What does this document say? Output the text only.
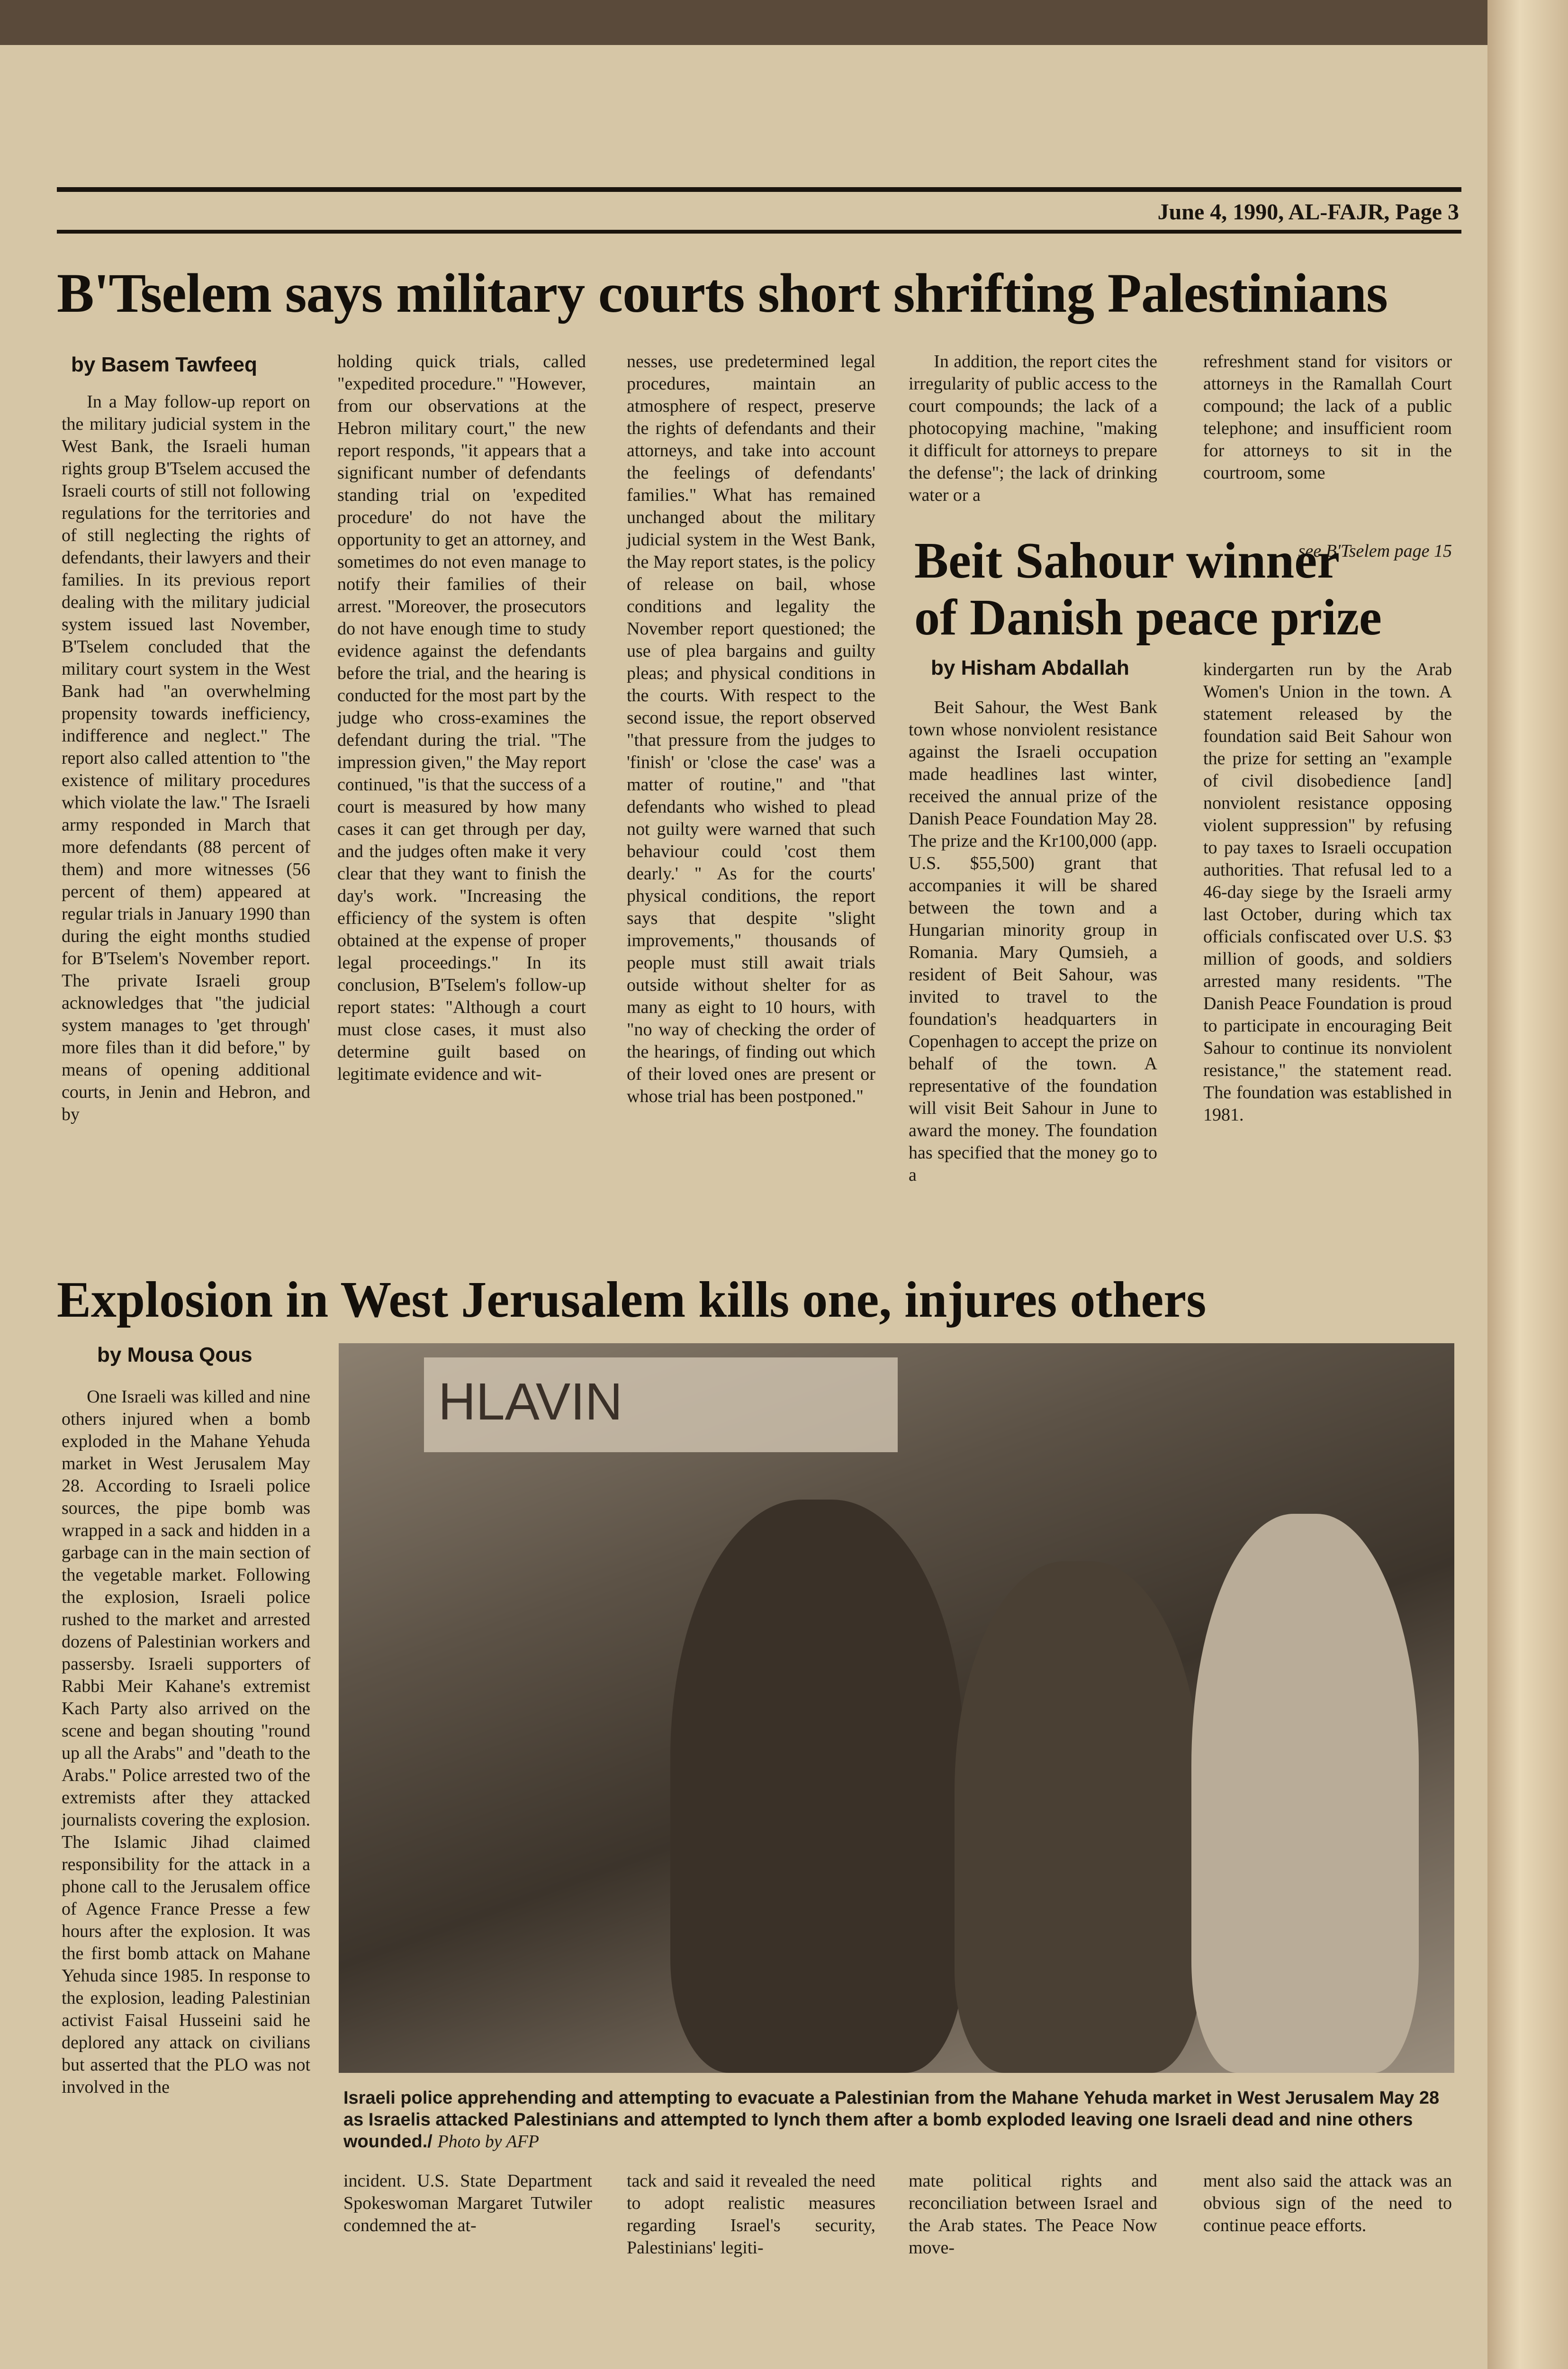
June 4, 1990, AL-FAJR, Page 3
B'Tselem says military courts short shrifting Palestinians
by Basem Tawfeeq

In a May follow-up report on the military judicial system in the West Bank, the Israeli human rights group B'Tselem accused the Israeli courts of still not following regulations for the territories and of still neglecting the rights of defendants, their lawyers and their families. In its previous report dealing with the military judicial system issued last November, B'Tselem concluded that the military court system in the West Bank had "an overwhelming propensity towards inefficiency, indifference and neglect." The report also called attention to "the existence of military procedures which violate the law." The Israeli army responded in March that more defendants (88 percent of them) and more witnesses (56 percent of them) appeared at regular trials in January 1990 than during the eight months studied for B'Tselem's November report. The private Israeli group acknowledges that "the judicial system manages to 'get through' more files than it did before," by means of opening additional courts, in Jenin and Hebron, and by

holding quick trials, called "expedited procedure." "However, from our observations at the Hebron military court," the new report responds, "it appears that a significant number of defendants standing trial on 'expedited procedure' do not have the opportunity to get an attorney, and sometimes do not even manage to notify their families of their arrest. "Moreover, the prosecutors do not have enough time to study evidence against the defendants before the trial, and the hearing is conducted for the most part by the judge who cross-examines the defendant during the trial. "The impression given," the May report continued, "is that the success of a court is measured by how many cases it can get through per day, and the judges often make it very clear that they want to finish the day's work. "Increasing the efficiency of the system is often obtained at the expense of proper legal proceedings." In its conclusion, B'Tselem's follow-up report states: "Although a court must close cases, it must also determine guilt based on legitimate evidence and wit-

nesses, use predetermined legal procedures, maintain an atmosphere of respect, preserve the rights of defendants and their attorneys, and take into account the feelings of defendants' families." What has remained unchanged about the military judicial system in the West Bank, the May report states, is the policy of release on bail, whose conditions and legality the November report questioned; the use of plea bargains and guilty pleas; and physical conditions in the courts. With respect to the second issue, the report observed "that pressure from the judges to 'finish' or 'close the case' was a matter of routine," and "that defendants who wished to plead not guilty were warned that such behaviour could 'cost them dearly.' " As for the courts' physical conditions, the report says that despite "slight improvements," thousands of people must still await trials outside without shelter for as many as eight to 10 hours, with "no way of checking the order of the hearings, of finding out which of their loved ones are present or whose trial has been postponed."

In addition, the report cites the irregularity of public access to the court compounds; the lack of a photocopying machine, "making it difficult for attorneys to prepare the defense"; the lack of drinking water or a

refreshment stand for visitors or attorneys in the Ramallah Court compound; the lack of a public telephone; and insufficient room for attorneys to sit in the courtroom, some

see B'Tselem page 15
Beit Sahour winner
of Danish peace prize
by Hisham Abdallah

Beit Sahour, the West Bank town whose nonviolent resistance against the Israeli occupation made headlines last winter, received the annual prize of the Danish Peace Foundation May 28. The prize and the Kr100,000 (app. U.S. $55,500) grant that accompanies it will be shared between the town and a Hungarian minority group in Romania. Mary Qumsieh, a resident of Beit Sahour, was invited to travel to the foundation's headquarters in Copenhagen to accept the prize on behalf of the town. A representative of the foundation will visit Beit Sahour in June to award the money. The foundation has specified that the money go to a

kindergarten run by the Arab Women's Union in the town. A statement released by the foundation said Beit Sahour won the prize for setting an "example of civil disobedience [and] nonviolent resistance opposing violent suppression" by refusing to pay taxes to Israeli occupation authorities. That refusal led to a 46-day siege by the Israeli army last October, during which tax officials confiscated over U.S. $3 million of goods, and soldiers arrested many residents. "The Danish Peace Foundation is proud to participate in encouraging Beit Sahour to continue its nonviolent resistance," the statement read. The foundation was established in 1981.

Explosion in West Jerusalem kills one, injures others
by Mousa Qous

One Israeli was killed and nine others injured when a bomb exploded in the Mahane Yehuda market in West Jerusalem May 28. According to Israeli police sources, the pipe bomb was wrapped in a sack and hidden in a garbage can in the main section of the vegetable market. Following the explosion, Israeli police rushed to the market and arrested dozens of Palestinian workers and passersby. Israeli supporters of Rabbi Meir Kahane's extremist Kach Party also arrived on the scene and began shouting "round up all the Arabs" and "death to the Arabs." Police arrested two of the extremists after they attacked journalists covering the explosion. The Islamic Jihad claimed responsibility for the attack in a phone call to the Jerusalem office of Agence France Presse a few hours after the explosion. It was the first bomb attack on Mahane Yehuda since 1985. In response to the explosion, leading Palestinian activist Faisal Husseini said he deplored any attack on civilians but asserted that the PLO was not involved in the

HLAVIN
Israeli police apprehending and attempting to evacuate a Palestinian from the Mahane Yehuda market in West Jerusalem May 28 as Israelis attacked Palestinians and attempted to lynch them after a bomb exploded leaving one Israeli dead and nine others wounded./ Photo by AFP

incident. U.S. State Department Spokeswoman Margaret Tutwiler condemned the at-

tack and said it revealed the need to adopt realistic measures regarding Israel's security, Palestinians' legiti-

mate political rights and reconciliation between Israel and the Arab states. The Peace Now move-

ment also said the attack was an obvious sign of the need to continue peace efforts.
